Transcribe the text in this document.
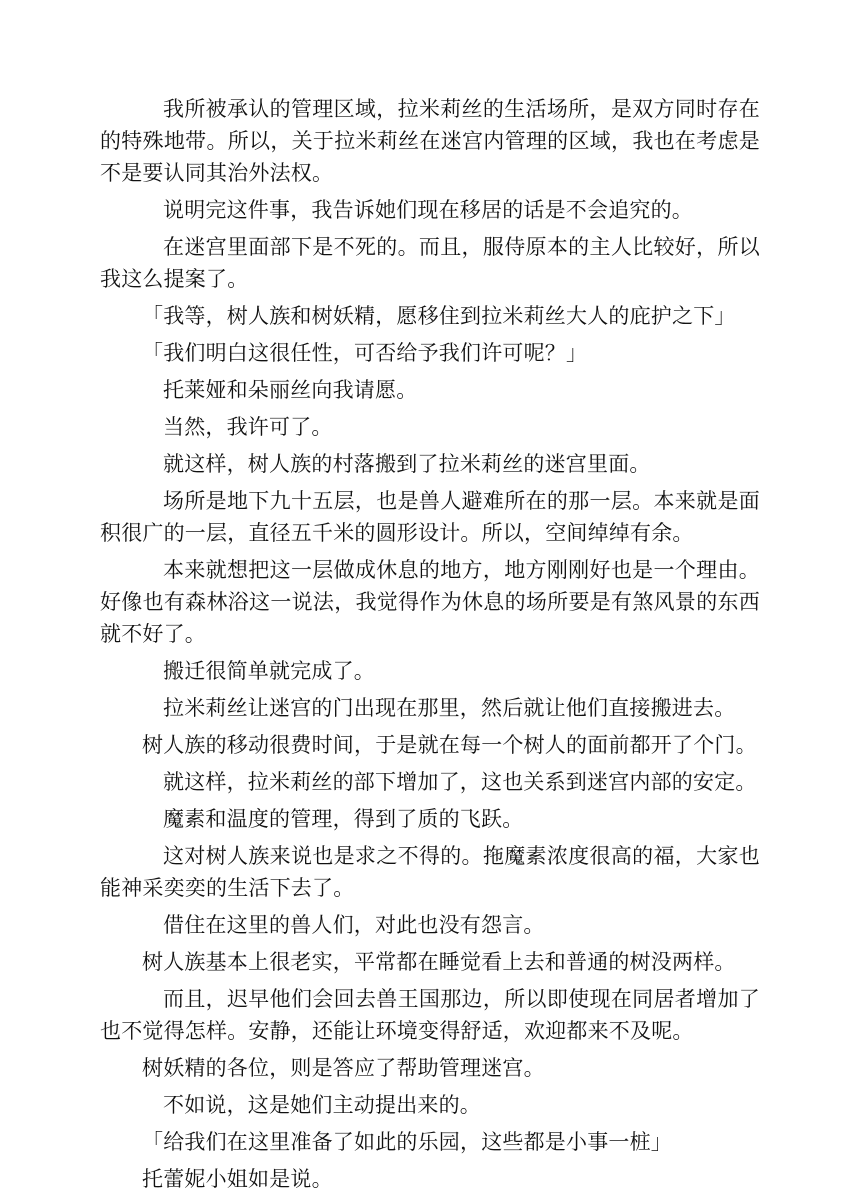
我所被承认的管理区域，拉米莉丝的生活场所，是双方同时存在的特殊地带。所以，关于拉米莉丝在迷宫内管理的区域，我也在考虑是不是要认同其治外法权。

说明完这件事，我告诉她们现在移居的话是不会追究的。

在迷宫里面部下是不死的。而且，服侍原本的主人比较好，所以我这么提案了。

「我等，树人族和树妖精，愿移住到拉米莉丝大人的庇护之下」

「我们明白这很任性，可否给予我们许可呢？」

托莱娅和朵丽丝向我请愿。

当然，我许可了。

就这样，树人族的村落搬到了拉米莉丝的迷宫里面。

场所是地下九十五层，也是兽人避难所在的那一层。本来就是面积很广的一层，直径五千米的圆形设计。所以，空间绰绰有余。

本来就想把这一层做成休息的地方，地方刚刚好也是一个理由。好像也有森林浴这一说法，我觉得作为休息的场所要是有煞风景的东西就不好了。

搬迁很简单就完成了。

拉米莉丝让迷宫的门出现在那里，然后就让他们直接搬进去。

树人族的移动很费时间，于是就在每一个树人的面前都开了个门。

就这样，拉米莉丝的部下增加了，这也关系到迷宫内部的安定。

魔素和温度的管理，得到了质的飞跃。

这对树人族来说也是求之不得的。拖魔素浓度很高的福，大家也能神采奕奕的生活下去了。

借住在这里的兽人们，对此也没有怨言。

树人族基本上很老实，平常都在睡觉看上去和普通的树没两样。

而且，迟早他们会回去兽王国那边，所以即使现在同居者增加了也不觉得怎样。安静，还能让环境变得舒适，欢迎都来不及呢。

树妖精的各位，则是答应了帮助管理迷宫。

不如说，这是她们主动提出来的。

「给我们在这里准备了如此的乐园，这些都是小事一桩」

托蕾妮小姐如是说。
